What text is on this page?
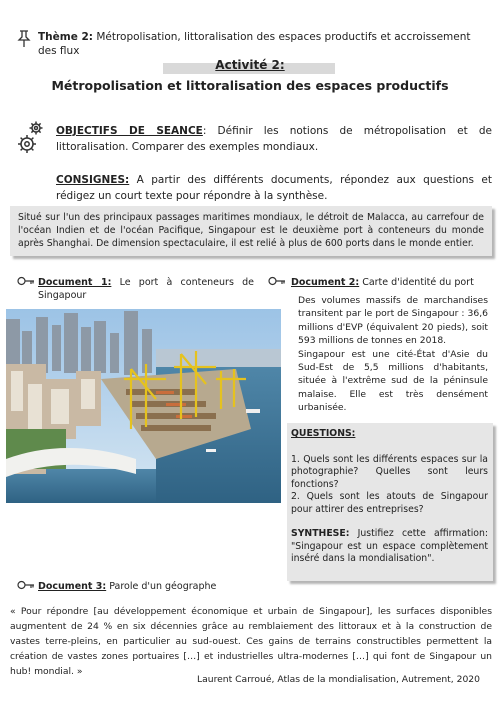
Thème 2: Métropolisation, littoralisation des espaces productifs et accroissement des flux
Activité 2:
Métropolisation et littoralisation des espaces productifs
OBJECTIFS DE SEANCE: Définir les notions de métropolisation et de littoralisation. Comparer des exemples mondiaux.
CONSIGNES: A partir des différents documents, répondez aux questions et rédigez un court texte pour répondre à la synthèse.

Situé sur l'un des principaux passages maritimes mondiaux, le détroit de Malacca, au carrefour de l'océan Indien et de l'océan Pacifique, Singapour est le deuxième port à conteneurs du monde après Shanghai. De dimension spectaculaire, il est relié à plus de 600 ports dans le monde entier.

Document 1: Le port à conteneurs de Singapour
Document 2: Carte d'identité du port
Des volumes massifs de marchandises transitent par le port de Singapour : 36,6 millions d'EVP (équivalent 20 pieds), soit 593 millions de tonnes en 2018.
Singapour est une cité-État d'Asie du Sud-Est de 5,5 millions d'habitants, située à l'extrême sud de la péninsule malaise. Elle est très densément urbanisée.
QUESTIONS:
1. Quels sont les différents espaces sur la photographie? Quelles sont leurs fonctions?
2. Quels sont les atouts de Singapour pour attirer des entreprises?
SYNTHESE: Justifiez cette affirmation: "Singapour est un espace complètement inséré dans la mondialisation".
Document 3: Parole d'un géographe
« Pour répondre [au développement économique et urbain de Singapour], les surfaces disponibles augmentent de 24 % en six décennies grâce au remblaiement des littoraux et à la construction de vastes terre-pleins, en particulier au sud-ouest. Ces gains de terrains constructibles permettent la création de vastes zones portuaires […] et industrielles ultra-modernes […] qui font de Singapour un hub! mondial. »
Laurent Carroué, Atlas de la mondialisation, Autrement, 2020
